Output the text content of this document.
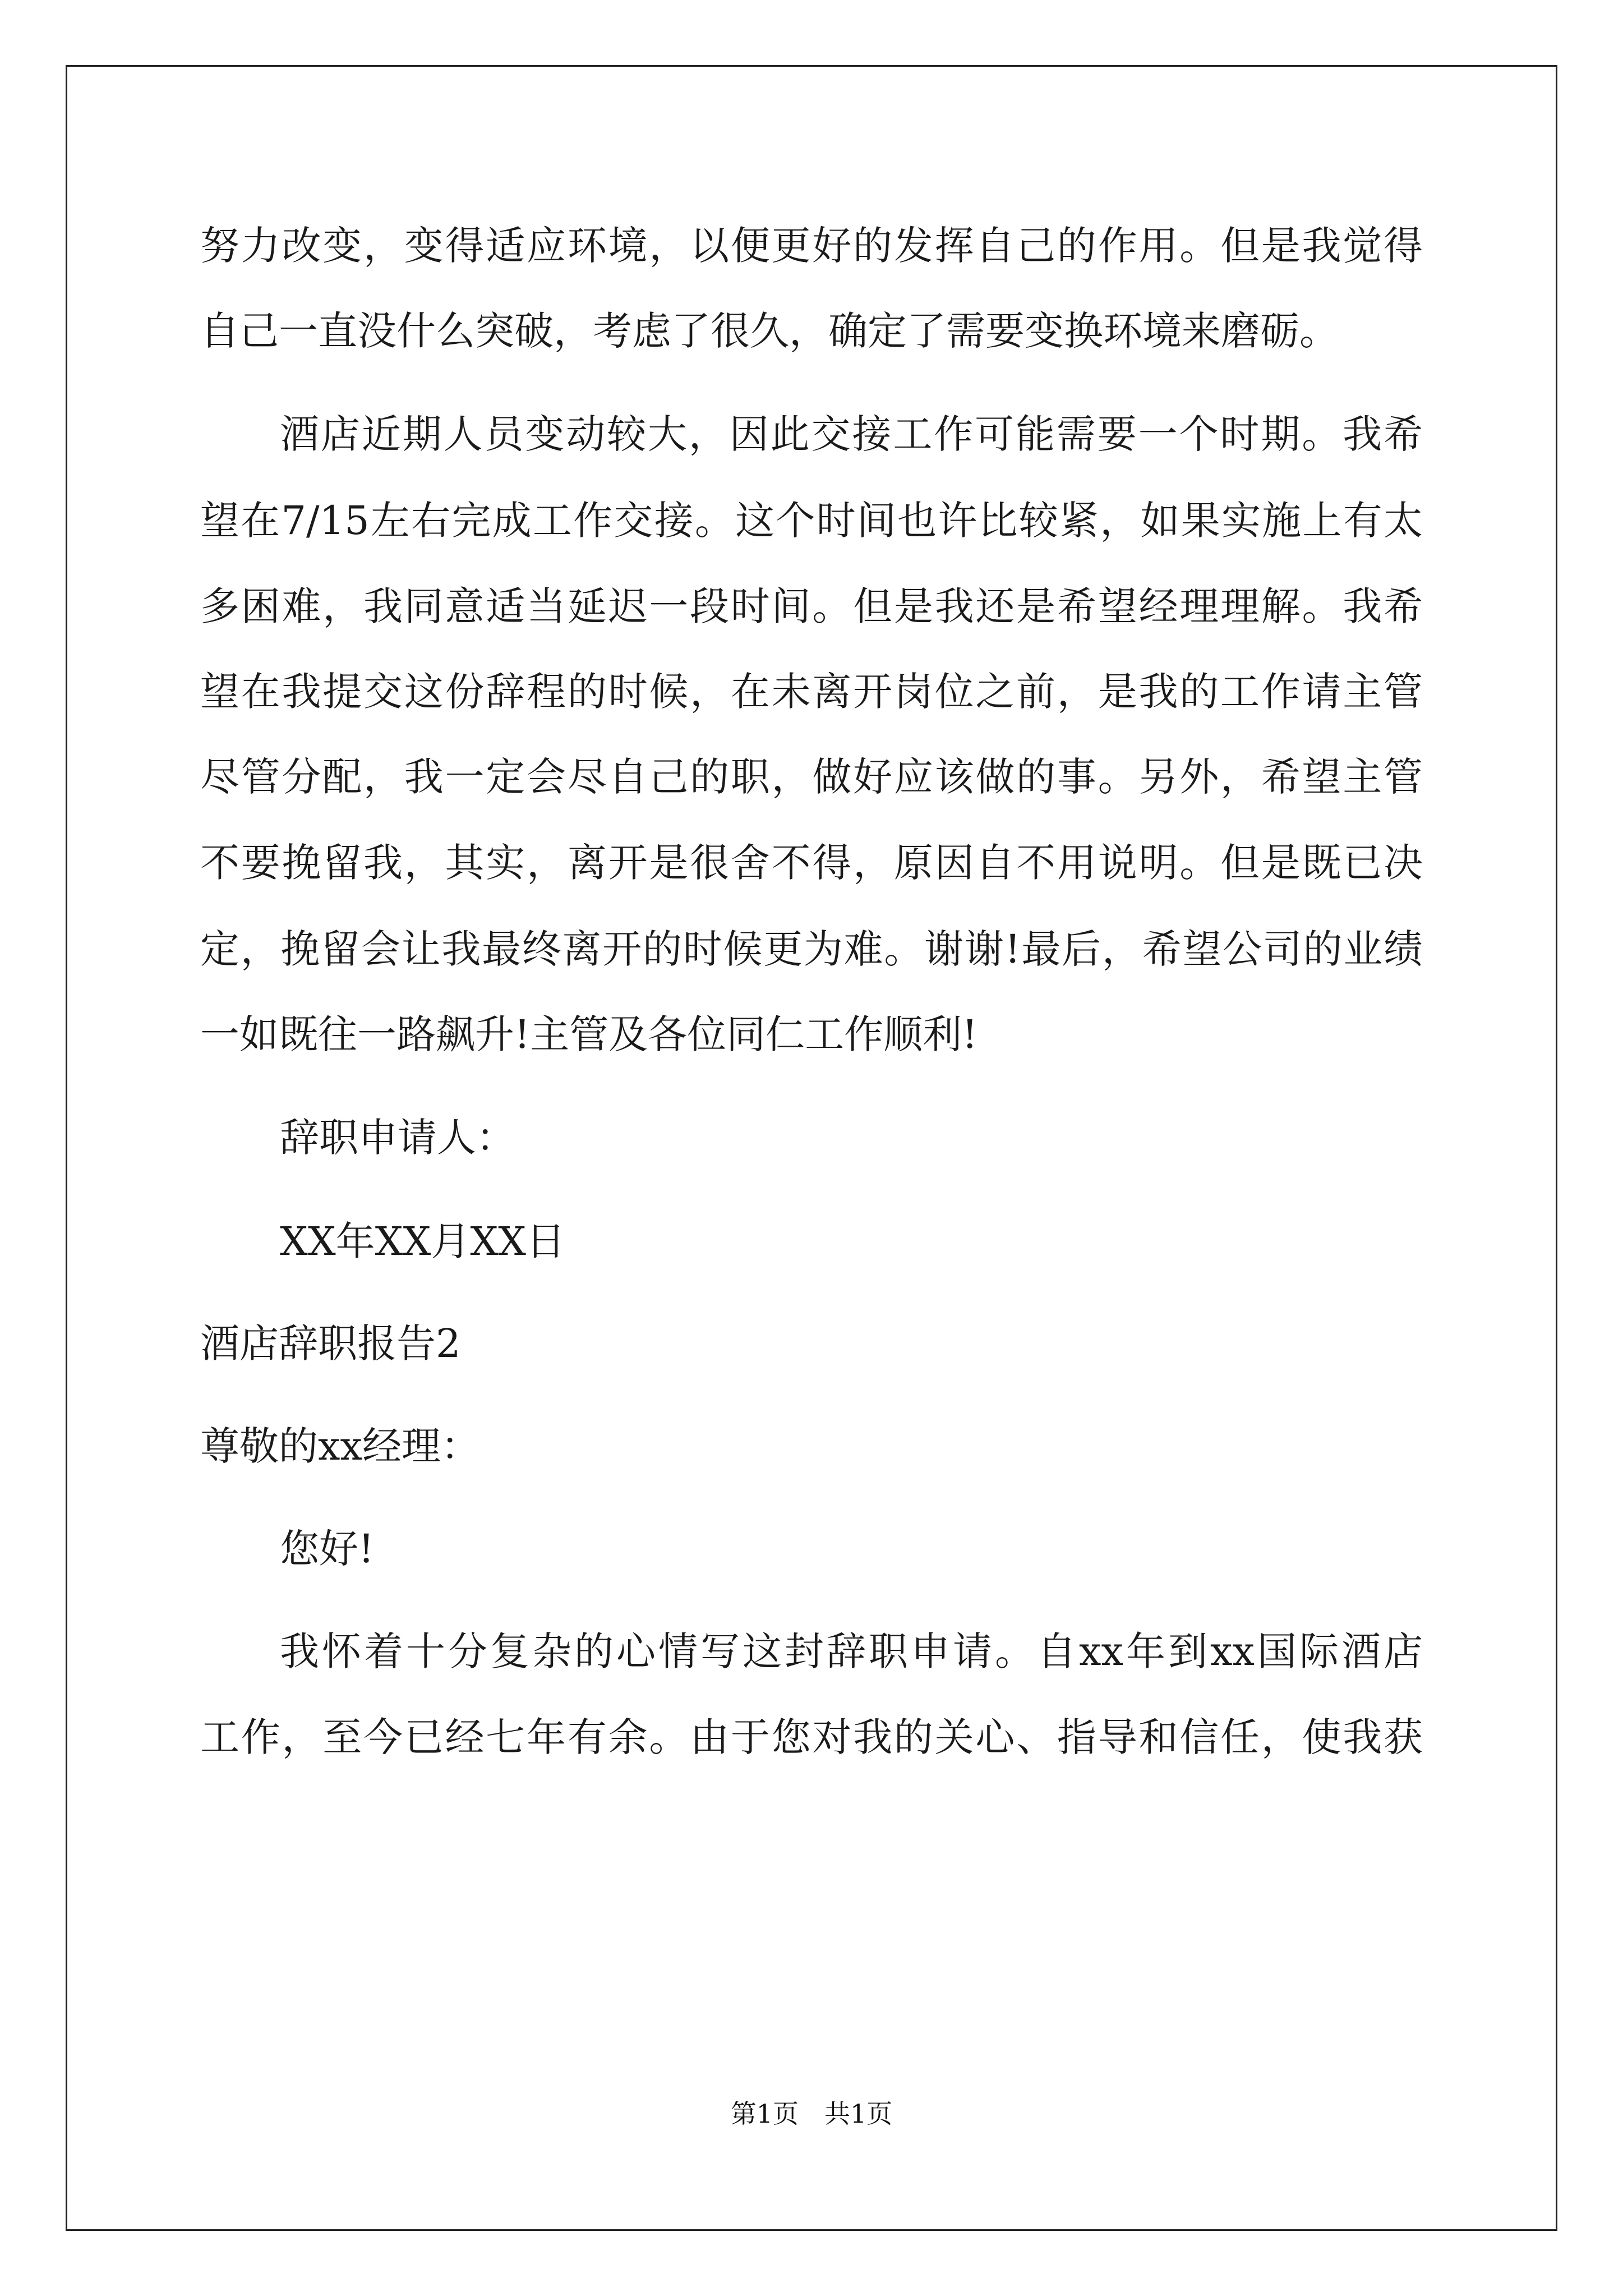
努力改变，变得适应环境，以便更好的发挥自己的作用。但是我觉得
自己一直没什么突破，考虑了很久，确定了需要变换环境来磨砺。
酒店近期人员变动较大，因此交接工作可能需要一个时期。我希
望在7/15左右完成工作交接。这个时间也许比较紧，如果实施上有太
多困难，我同意适当延迟一段时间。但是我还是希望经理理解。我希
望在我提交这份辞程的时候，在未离开岗位之前，是我的工作请主管
尽管分配，我一定会尽自己的职，做好应该做的事。另外，希望主管
不要挽留我，其实，离开是很舍不得，原因自不用说明。但是既已决
定，挽留会让我最终离开的时候更为难。谢谢!最后，希望公司的业绩
一如既往一路飙升!主管及各位同仁工作顺利!
辞职申请人：
XX年XX月XX日
酒店辞职报告2
尊敬的xx经理：
您好!
我怀着十分复杂的心情写这封辞职申请。自xx年到xx国际酒店
工作，至今已经七年有余。由于您对我的关心、指导和信任，使我获
第1页　共1页
